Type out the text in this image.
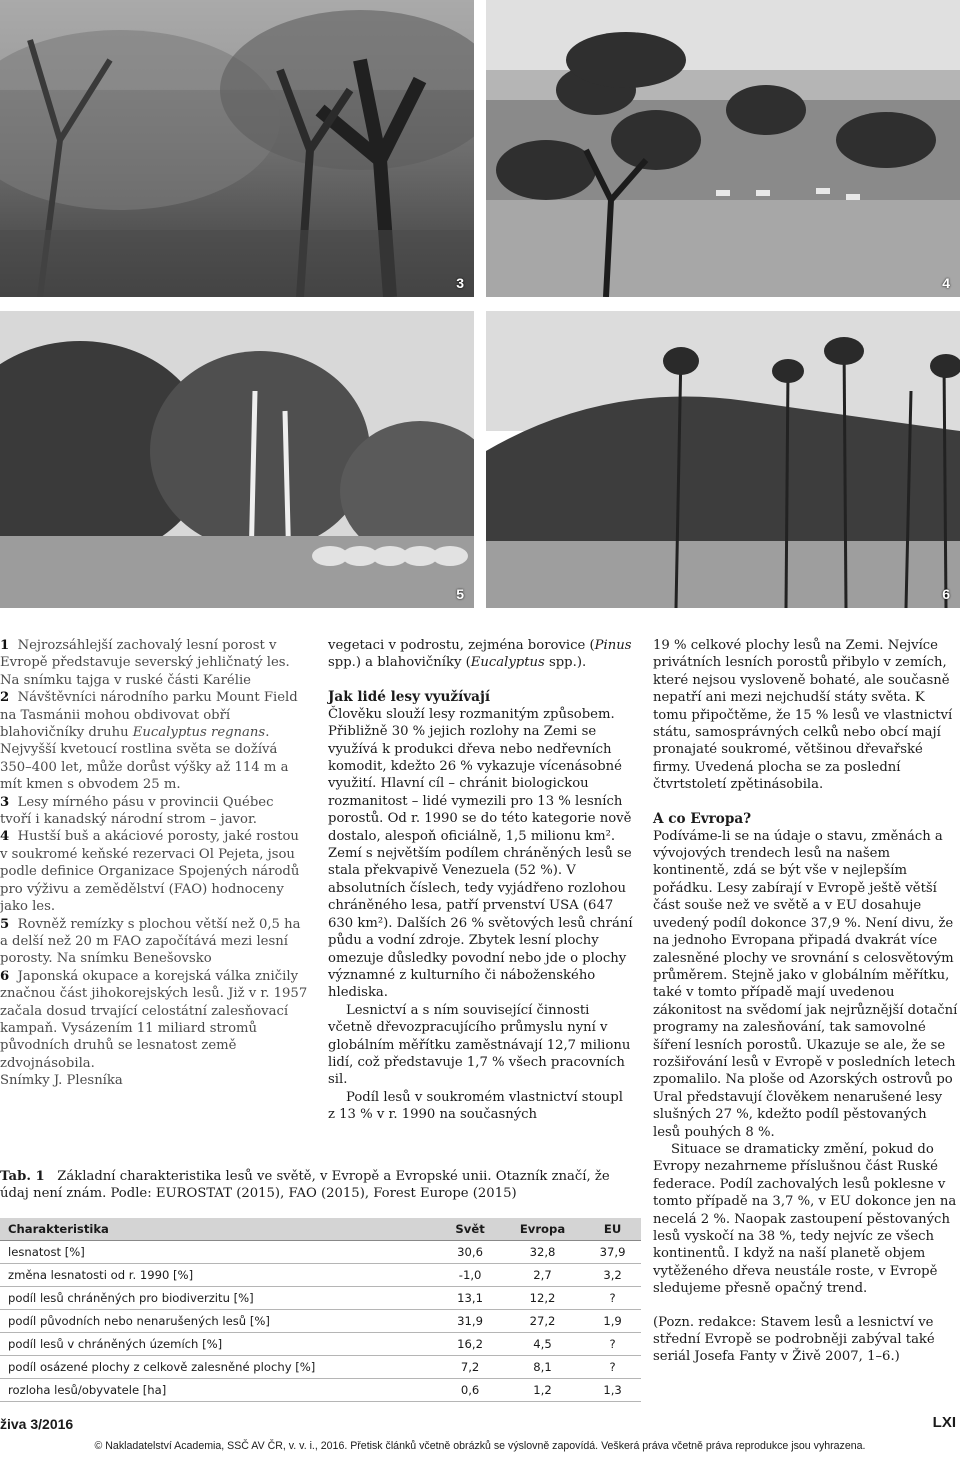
3	4
5	6

1 Nejrozsáhlejší zachovalý lesní porost v Evropě představuje severský jehličnatý les. Na snímku tajga v ruské části Karélie

2 Návštěvníci národního parku Mount Field na Tasmánii mohou obdivovat obří blahovičníky druhu Eucalyptus regnans. Nejvyšší kvetoucí rostlina světa se dožívá 350–400 let, může dorůst výšky až 114 m a mít kmen s obvodem 25 m.

3 Lesy mírného pásu v provincii Québec tvoří i kanadský národní strom – javor.

4 Hustší buš a akáciové porosty, jaké rostou v soukromé keňské rezervaci Ol Pejeta, jsou podle definice Organizace Spojených národů pro výživu a zemědělství (FAO) hodnoceny jako les.

5 Rovněž remízky s plochou větší než 0,5 ha a delší než 20 m FAO započítává mezi lesní porosty. Na snímku Benešovsko

6 Japonská okupace a korejská válka zničily značnou část jihokorejských lesů. Již v r. 1957 začala dosud trvající celostátní zalesňovací kampaň. Vysázením 11 miliard stromů původních druhů se lesnatost země zdvojnásobila.

Snímky J. Plesníka

vegetaci v podrostu, zejména borovice (Pinus spp.) a blahovičníky (Eucalyptus spp.).

Jak lidé lesy využívají

Člověku slouží lesy rozmanitým způsobem. Přibližně 30 % jejich rozlohy na Zemi se využívá k produkci dřeva nebo nedřevních komodit, kdežto 26 % vykazuje vícenásobné využití. Hlavní cíl – chránit biologickou rozmanitost – lidé vymezili pro 13 % lesních porostů. Od r. 1990 se do této kategorie nově dostalo, alespoň oficiálně, 1,5 milionu km². Zemí s největším podílem chráněných lesů se stala překvapivě Venezuela (52 %). V absolutních číslech, tedy vyjádřeno rozlohou chráněného lesa, patří prvenství USA (647 630 km²). Dalších 26 % světových lesů chrání půdu a vodní zdroje. Zbytek lesní plochy omezuje důsledky povodní nebo jde o plochy významné z kulturního či náboženského hlediska.

Lesnictví a s ním související činnosti včetně dřevozpracujícího průmyslu nyní v globálním měřítku zaměstnávají 12,7 milionu lidí, což představuje 1,7 % všech pracovních sil.

Podíl lesů v soukromém vlastnictví stoupl z 13 % v r. 1990 na současných

19 % celkové plochy lesů na Zemi. Nejvíce privátních lesních porostů přibylo v zemích, které nejsou vysloveně bohaté, ale současně nepatří ani mezi nejchudší státy světa. K tomu připočtěme, že 15 % lesů ve vlastnictví státu, samosprávných celků nebo obcí mají pronajaté soukromé, většinou dřevařské firmy. Uvedená plocha se za poslední čtvrtstoletí zpětinásobila.

A co Evropa?

Podíváme-li se na údaje o stavu, změnách a vývojových trendech lesů na našem kontinentě, zdá se být vše v nejlepším pořádku. Lesy zabírají v Evropě ještě větší část souše než ve světě a v EU dosahuje uvedený podíl dokonce 37,9 %. Není divu, že na jednoho Evropana připadá dvakrát více zalesněné plochy ve srovnání s celosvětovým průměrem. Stejně jako v globálním měřítku, také v tomto případě mají uvedenou zákonitost na svědomí jak nejrůznější dotační programy na zalesňování, tak samovolné šíření lesních porostů. Ukazuje se ale, že se rozšiřování lesů v Evropě v posledních letech zpomalilo. Na ploše od Azorských ostrovů po Ural představují člověkem nenarušené lesy slušných 27 %, kdežto podíl pěstovaných lesů pouhých 8 %.

Situace se dramaticky změní, pokud do Evropy nezahrneme příslušnou část Ruské federace. Podíl zachovalých lesů poklesne v tomto případě na 3,7 %, v EU dokonce jen na necelá 2 %. Naopak zastoupení pěstovaných lesů vyskočí na 38 %, tedy nejvíc ze všech kontinentů. I když na naší planetě objem vytěženého dřeva neustále roste, v Evropě sledujeme přesně opačný trend.

(Pozn. redakce: Stavem lesů a lesnictví ve střední Evropě se podrobněji zabýval také seriál Josefa Fanty v Živě 2007, 1–6.)

Tab. 1 Základní charakteristika lesů ve světě, v Evropě a Evropské unii. Otazník značí, že údaj není znám. Podle: EUROSTAT (2015), FAO (2015), Forest Europe (2015)
Charakteristika	Svět	Evropa	EU
lesnatost [%]	30,6	32,8	37,9
změna lesnatosti od r. 1990 [%]	-1,0	2,7	3,2
podíl lesů chráněných pro biodiverzitu [%]	13,1	12,2	?
podíl původních nebo nenarušených lesů [%]	31,9	27,2	1,9
podíl lesů v chráněných územích [%]	16,2	4,5	?
podíl osázené plochy z celkově zalesněné plochy [%]	7,2	8,1	?
rozloha lesů/obyvatele [ha]	0,6	1,2	1,3
živa 3/2016	LXI
© Nakladatelství Academia, SSČ AV ČR, v. v. i., 2016. Přetisk článků včetně obrázků se výslovně zapovídá. Veškerá práva včetně práva reprodukce jsou vyhrazena.
